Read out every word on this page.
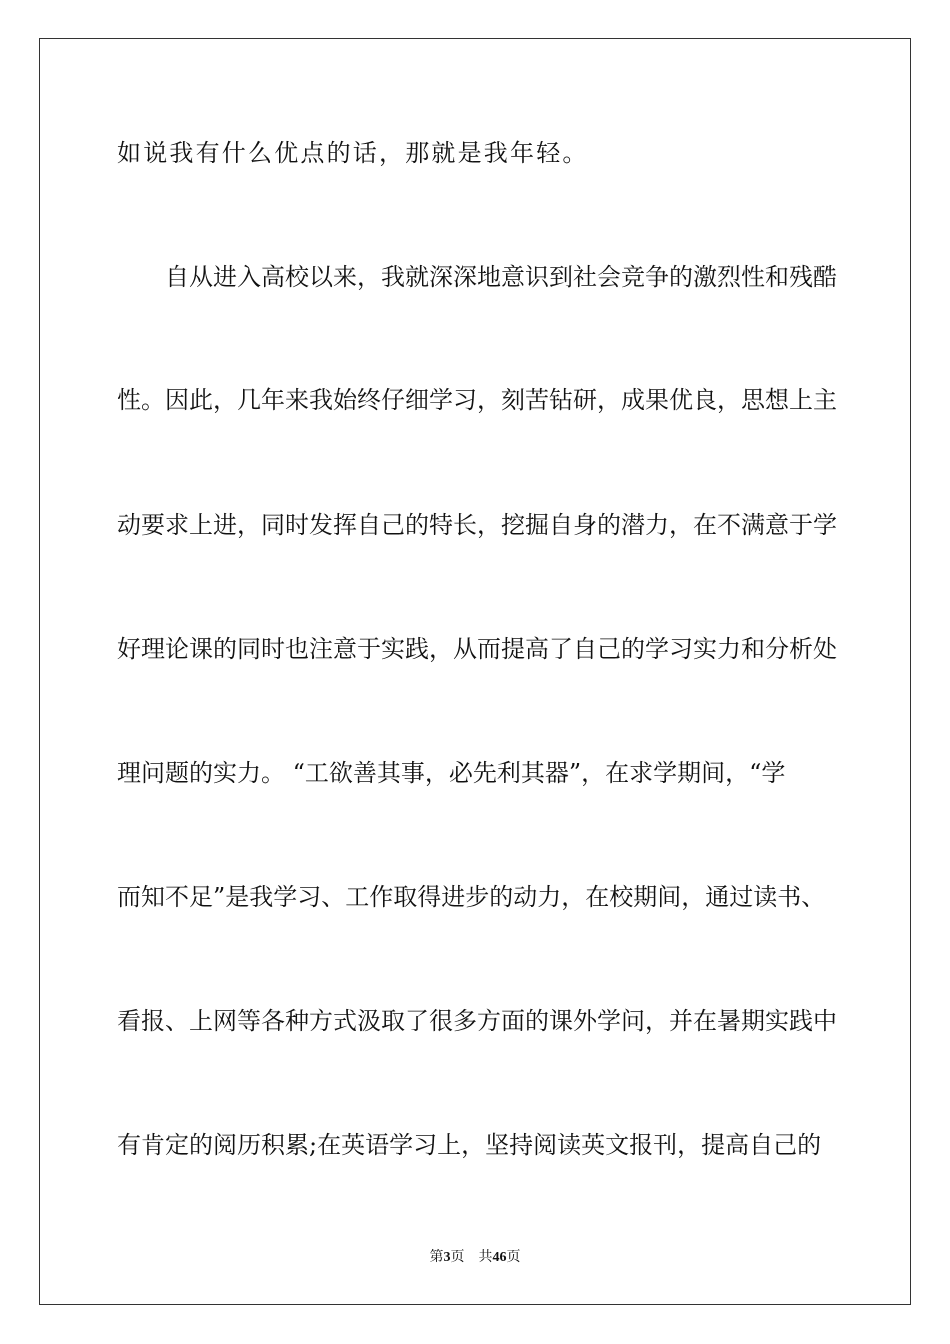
如说我有什么优点的话，那就是我年轻。
自从进入高校以来，我就深深地意识到社会竞争的激烈性和残酷
性。因此，几年来我始终仔细学习，刻苦钻研，成果优良，思想上主
动要求上进，同时发挥自己的特长，挖掘自身的潜力，在不满意于学
好理论课的同时也注意于实践，从而提高了自己的学习实力和分析处
理问题的实力。 “工欲善其事，必先利其器”，在求学期间，“学
而知不足”是我学习、工作取得进步的动力，在校期间，通过读书、
看报、上网等各种方式汲取了很多方面的课外学问，并在暑期实践中
有肯定的阅历积累;在英语学习上，坚持阅读英文报刊，提高自己的
第3页 共46页
